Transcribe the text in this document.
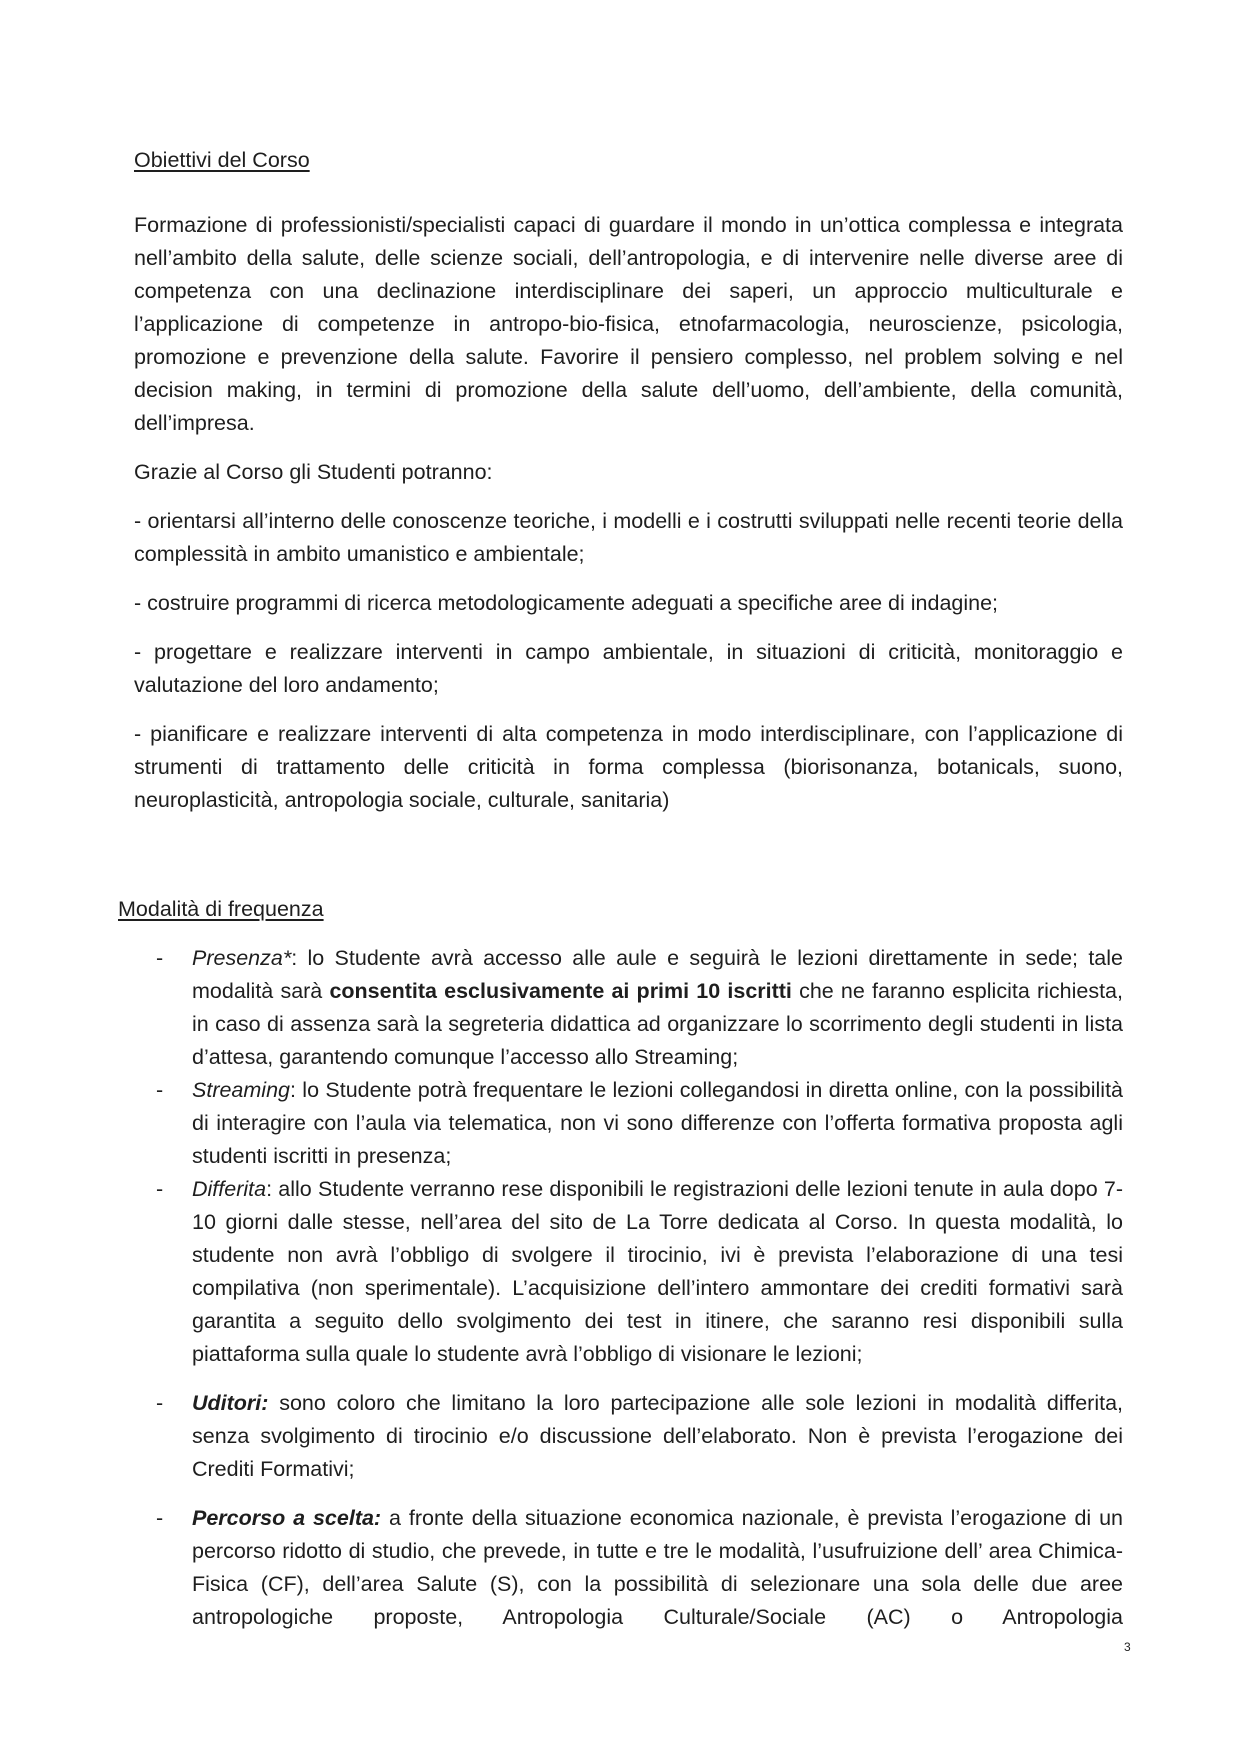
Obiettivi del Corso

Formazione di professionisti/specialisti capaci di guardare il mondo in un’ottica complessa e integrata nell’ambito della salute, delle scienze sociali, dell’antropologia, e di intervenire nelle diverse aree di competenza con una declinazione interdisciplinare dei saperi, un approccio multiculturale e l’applicazione di competenze in antropo-bio-fisica, etnofarmacologia, neuroscienze, psicologia, promozione e prevenzione della salute. Favorire il pensiero complesso, nel problem solving e nel decision making, in termini di promozione della salute dell’uomo, dell’ambiente, della comunità, dell’impresa.

Grazie al Corso gli Studenti potranno:

- orientarsi all’interno delle conoscenze teoriche, i modelli e i costrutti sviluppati nelle recenti teorie della complessità in ambito umanistico e ambientale;

- costruire programmi di ricerca metodologicamente adeguati a specifiche aree di indagine;

- progettare e realizzare interventi in campo ambientale, in situazioni di criticità, monitoraggio e valutazione del loro andamento;

- pianificare e realizzare interventi di alta competenza in modo interdisciplinare, con l’applicazione di strumenti di trattamento delle criticità in forma complessa (biorisonanza, botanicals, suono, neuroplasticità, antropologia sociale, culturale, sanitaria)

Modalità di frequenza
- Presenza*: lo Studente avrà accesso alle aule e seguirà le lezioni direttamente in sede; tale modalità sarà consentita esclusivamente ai primi 10 iscritti che ne faranno esplicita richiesta, in caso di assenza sarà la segreteria didattica ad organizzare lo scorrimento degli studenti in lista d’attesa, garantendo comunque l’accesso allo Streaming;
- Streaming: lo Studente potrà frequentare le lezioni collegandosi in diretta online, con la possibilità di interagire con l’aula via telematica, non vi sono differenze con l’offerta formativa proposta agli studenti iscritti in presenza;
- Differita: allo Studente verranno rese disponibili le registrazioni delle lezioni tenute in aula dopo 7-10 giorni dalle stesse, nell’area del sito de La Torre dedicata al Corso. In questa modalità, lo studente non avrà l’obbligo di svolgere il tirocinio, ivi è prevista l’elaborazione di una tesi compilativa (non sperimentale). L’acquisizione dell’intero ammontare dei crediti formativi sarà garantita a seguito dello svolgimento dei test in itinere, che saranno resi disponibili sulla piattaforma sulla quale lo studente avrà l’obbligo di visionare le lezioni;
- Uditori: sono coloro che limitano la loro partecipazione alle sole lezioni in modalità differita, senza svolgimento di tirocinio e/o discussione dell’elaborato. Non è prevista l’erogazione dei Crediti Formativi;
- Percorso a scelta: a fronte della situazione economica nazionale, è prevista l’erogazione di un percorso ridotto di studio, che prevede, in tutte e tre le modalità, l’usufruizione dell’ area Chimica-Fisica (CF), dell’area Salute (S), con la possibilità di selezionare una sola delle due aree antropologiche proposte, Antropologia Culturale/Sociale (AC) o Antropologia
3
